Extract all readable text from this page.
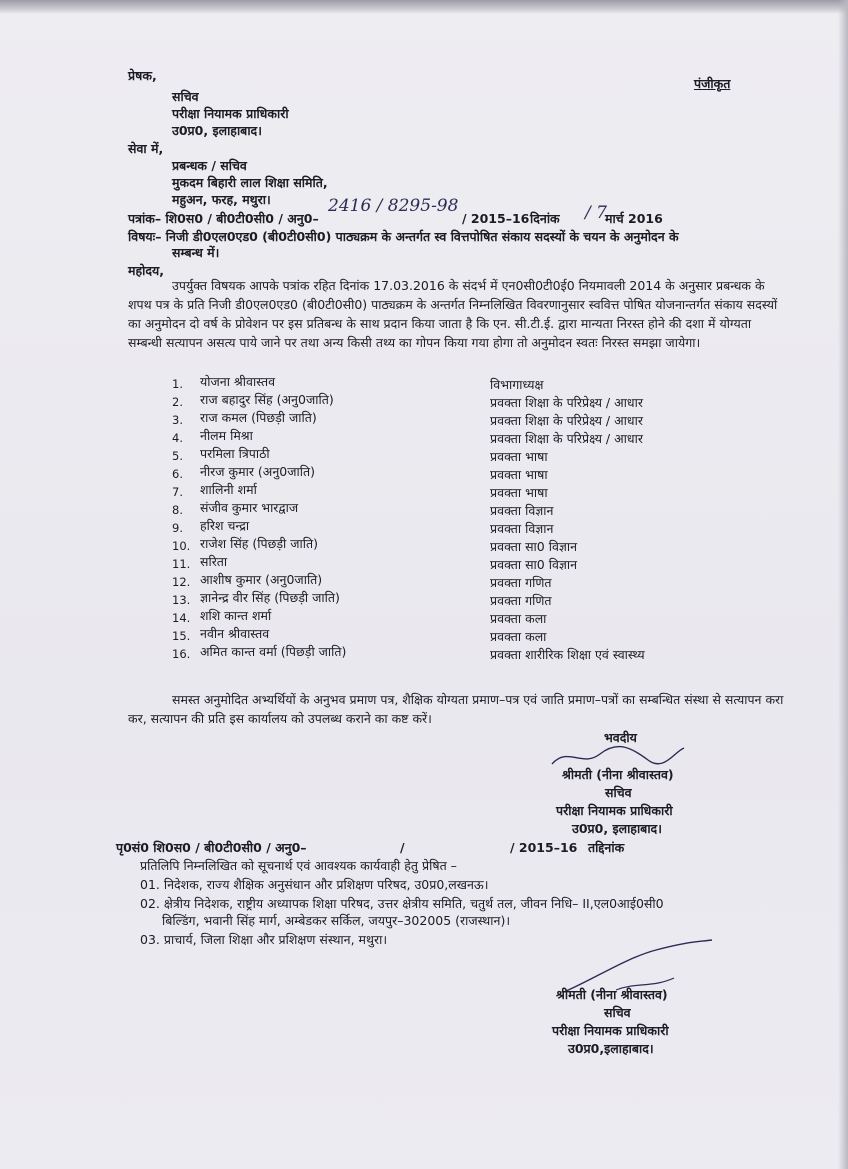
प्रेषक,
पंजीकृत
सचिव
परीक्षा नियामक प्राधिकारी
उ0प्र0, इलाहाबाद।
सेवा में,
प्रबन्धक / सचिव
मुकदम बिहारी लाल शिक्षा समिति,
महुअन, फरह, मथुरा।
पत्रांक– शि0स0 / बी0टी0सी0 / अनु0–
2416 / 8295-98
/ 2015–16 दिनांक / 7
मार्च 2016
विषयः– निजी डी0एल0एड0 (बी0टी0सी0) पाठ्यक्रम के अन्तर्गत स्व वित्तपोषित संकाय सदस्यों के चयन के अनुमोदन के
सम्बन्ध में।
महोदय,
उपर्युक्त विषयक आपके पत्रांक रहित दिनांक 17.03.2016 के संदर्भ में एन0सी0टी0ई0 नियमावली 2014 के अनुसार प्रबन्धक के शपथ पत्र के प्रति निजी डी0एल0एड0 (बी0टी0सी0) पाठ्यक्रम के अन्तर्गत निम्नलिखित विवरणानुसार स्ववित्त पोषित योजनान्तर्गत संकाय सदस्यों का अनुमोदन दो वर्ष के प्रोवेशन पर इस प्रतिबन्ध के साथ प्रदान किया जाता है कि एन. सी.टी.ई. द्वारा मान्यता निरस्त होने की दशा में योग्यता सम्बन्धी सत्यापन असत्य पाये जाने पर तथा अन्य किसी तथ्य का गोपन किया गया होगा तो अनुमोदन स्वतः निरस्त समझा जायेगा।
1. योजना श्रीवास्तव	विभागाध्यक्ष
2. राज बहादुर सिंह (अनु0जाति)	प्रवक्ता शिक्षा के परिप्रेक्ष्य / आधार
3. राज कमल (पिछड़ी जाति)	प्रवक्ता शिक्षा के परिप्रेक्ष्य / आधार
4. नीलम मिश्रा	प्रवक्ता शिक्षा के परिप्रेक्ष्य / आधार
5. परमिला त्रिपाठी	प्रवक्ता भाषा
6. नीरज कुमार (अनु0जाति)	प्रवक्ता भाषा
7. शालिनी शर्मा	प्रवक्ता भाषा
8. संजीव कुमार भारद्वाज	प्रवक्ता विज्ञान
9. हरिश चन्द्रा	प्रवक्ता विज्ञान
10. राजेश सिंह (पिछड़ी जाति)	प्रवक्ता सा0 विज्ञान
11. सरिता	प्रवक्ता सा0 विज्ञान
12. आशीष कुमार (अनु0जाति)	प्रवक्ता गणित
13. ज्ञानेन्द्र वीर सिंह (पिछड़ी जाति)	प्रवक्ता गणित
14. शशि कान्त शर्मा	प्रवक्ता कला
15. नवीन श्रीवास्तव	प्रवक्ता कला
16. अमित कान्त वर्मा (पिछड़ी जाति)	प्रवक्ता शारीरिक शिक्षा एवं स्वास्थ्य
समस्त अनुमोदित अभ्यर्थियों के अनुभव प्रमाण पत्र, शैक्षिक योग्यता प्रमाण–पत्र एवं जाति प्रमाण–पत्रों का सम्बन्धित संस्था से सत्यापन करा कर, सत्यापन की प्रति इस कार्यालय को उपलब्ध कराने का कष्ट करें।
भवदीय
श्रीमती (नीना श्रीवास्तव)
सचिव
परीक्षा नियामक प्राधिकारी
उ0प्र0, इलाहाबाद।
पृ0सं0 शि0स0 / बी0टी0सी0 / अनु0–	/	/ 2015–16 तद्दिनांक
प्रतिलिपि निम्नलिखित को सूचनार्थ एवं आवश्यक कार्यवाही हेतु प्रेषित –
01. निदेशक, राज्य शैक्षिक अनुसंधान और प्रशिक्षण परिषद, उ0प्र0,लखनऊ।
02. क्षेत्रीय निदेशक, राष्ट्रीय अध्यापक शिक्षा परिषद, उत्तर क्षेत्रीय समिति, चतुर्थ तल, जीवन निधि– II,एल0आई0सी0
बिल्डिंग, भवानी सिंह मार्ग, अम्बेडकर सर्किल, जयपुर–302005 (राजस्थान)।
03. प्राचार्य, जिला शिक्षा और प्रशिक्षण संस्थान, मथुरा।
श्रीमती (नीना श्रीवास्तव)
सचिव
परीक्षा नियामक प्राधिकारी
उ0प्र0,इलाहाबाद।
